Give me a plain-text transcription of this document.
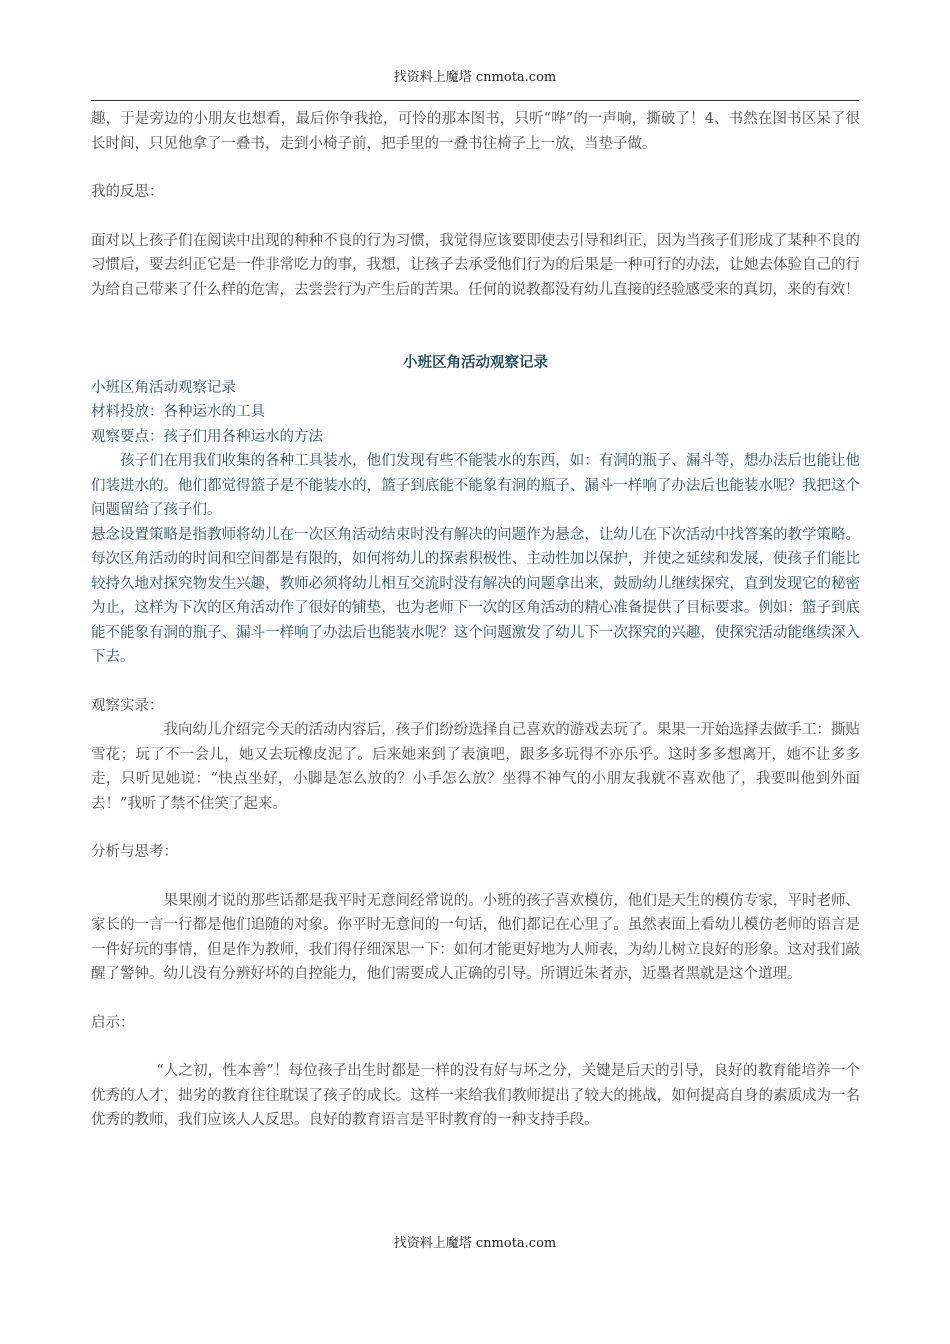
找资料上魔塔 cnmota.com

趣，于是旁边的小朋友也想看，最后你争我抢，可怜的那本图书，只听“哗”的一声响，撕破了！4、书然在图书区呆了很长时间，只见他拿了一叠书，走到小椅子前，把手里的一叠书往椅子上一放，当垫子做。

我的反思：

面对以上孩子们在阅读中出现的种种不良的行为习惯，我觉得应该要即使去引导和纠正，因为当孩子们形成了某种不良的习惯后，要去纠正它是一件非常吃力的事，我想，让孩子去承受他们行为的后果是一种可行的办法，让她去体验自己的行为给自己带来了什么样的危害，去尝尝行为产生后的苦果。任何的说教都没有幼儿直接的经验感受来的真切，来的有效！

小班区角活动观察记录

小班区角活动观察记录

材料投放：各种运水的工具

观察要点：孩子们用各种运水的方法

孩子们在用我们收集的各种工具装水，他们发现有些不能装水的东西，如：有洞的瓶子、漏斗等，想办法后也能让他们装进水的。他们都觉得篮子是不能装水的，篮子到底能不能象有洞的瓶子、漏斗一样响了办法后也能装水呢？我把这个问题留给了孩子们。

悬念设置策略是指教师将幼儿在一次区角活动结束时没有解决的问题作为悬念，让幼儿在下次活动中找答案的教学策略。每次区角活动的时间和空间都是有限的，如何将幼儿的探索积极性、主动性加以保护，并使之延续和发展，使孩子们能比较持久地对探究物发生兴趣，教师必须将幼儿相互交流时没有解决的问题拿出来，鼓励幼儿继续探究，直到发现它的秘密为止，这样为下次的区角活动作了很好的铺垫，也为老师下一次的区角活动的精心准备提供了目标要求。例如：篮子到底能不能象有洞的瓶子、漏斗一样响了办法后也能装水呢？这个问题激发了幼儿下一次探究的兴趣，使探究活动能继续深入下去。

观察实录：

我向幼儿介绍完今天的活动内容后，孩子们纷纷选择自己喜欢的游戏去玩了。果果一开始选择去做手工：撕贴雪花；玩了不一会儿，她又去玩橡皮泥了。后来她来到了表演吧，跟多多玩得不亦乐乎。这时多多想离开，她不让多多走，只听见她说：“快点坐好，小脚是怎么放的？小手怎么放？坐得不神气的小朋友我就不喜欢他了，我要叫他到外面去！”我听了禁不住笑了起来。

分析与思考：

果果刚才说的那些话都是我平时无意间经常说的。小班的孩子喜欢模仿，他们是天生的模仿专家，平时老师、家长的一言一行都是他们追随的对象。你平时无意间的一句话，他们都记在心里了。虽然表面上看幼儿模仿老师的语言是一件好玩的事情，但是作为教师，我们得仔细深思一下：如何才能更好地为人师表，为幼儿树立良好的形象。这对我们敲醒了警钟。幼儿没有分辨好坏的自控能力，他们需要成人正确的引导。所谓近朱者赤，近墨者黑就是这个道理。

启示：

“人之初，性本善”！每位孩子出生时都是一样的没有好与坏之分，关键是后天的引导，良好的教育能培养一个优秀的人才，拙劣的教育往往耽误了孩子的成长。这样一来给我们教师提出了较大的挑战，如何提高自身的素质成为一名优秀的教师，我们应该人人反思。良好的教育语言是平时教育的一种支持手段。

找资料上魔塔 cnmota.com
